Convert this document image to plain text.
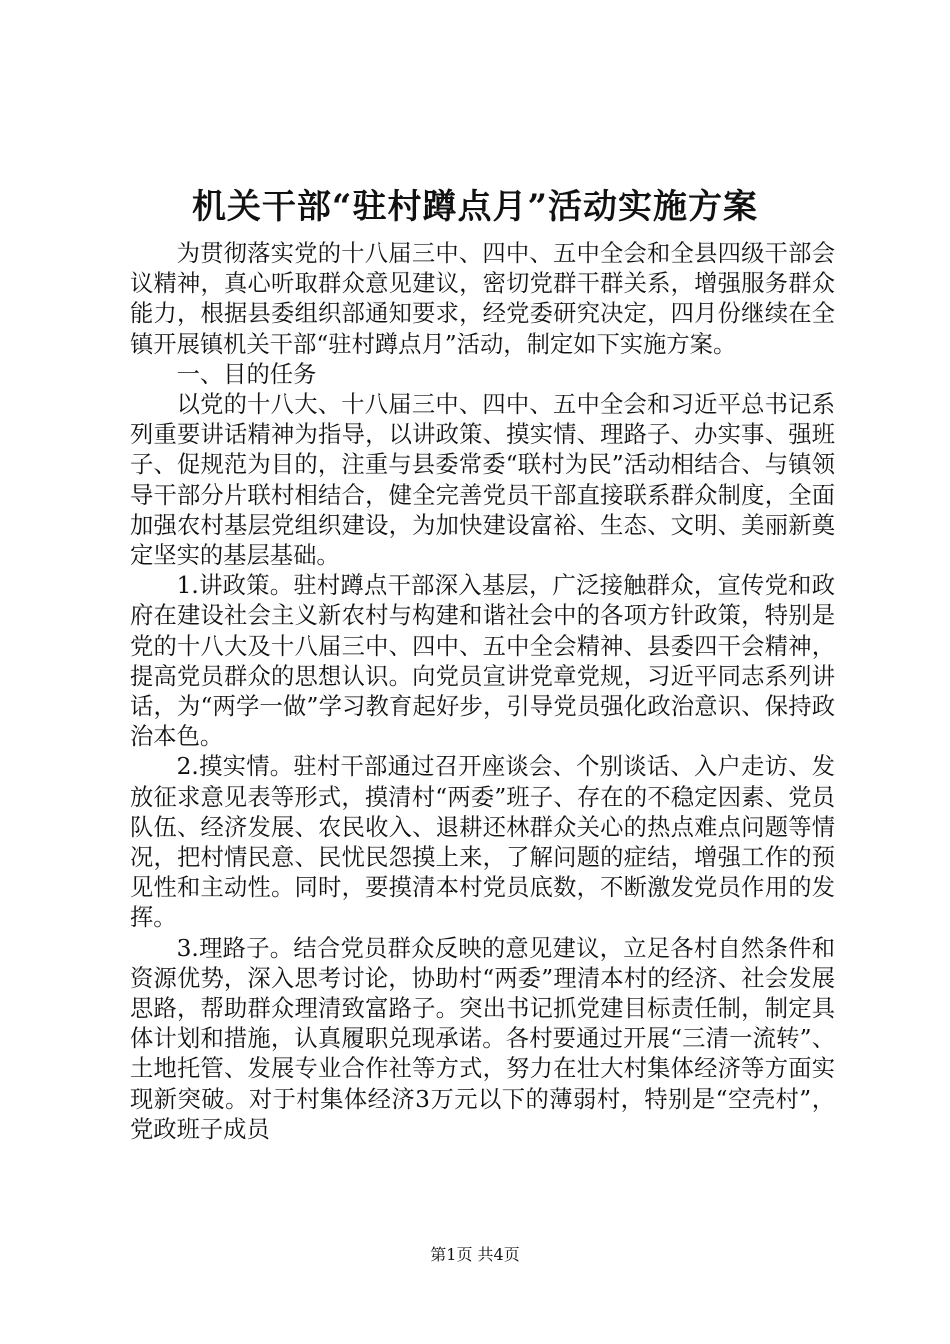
机关干部“驻村蹲点月”活动实施方案

为贯彻落实党的十八届三中、四中、五中全会和全县四级干部会议精神，真心听取群众意见建议，密切党群干群关系，增强服务群众能力，根据县委组织部通知要求，经党委研究决定，四月份继续在全镇开展镇机关干部“驻村蹲点月”活动，制定如下实施方案。

一、目的任务

以党的十八大、十八届三中、四中、五中全会和习近平总书记系列重要讲话精神为指导，以讲政策、摸实情、理路子、办实事、强班子、促规范为目的，注重与县委常委“联村为民”活动相结合、与镇领导干部分片联村相结合，健全完善党员干部直接联系群众制度，全面加强农村基层党组织建设，为加快建设富裕、生态、文明、美丽新奠定坚实的基层基础。

1.讲政策。驻村蹲点干部深入基层，广泛接触群众，宣传党和政府在建设社会主义新农村与构建和谐社会中的各项方针政策，特别是党的十八大及十八届三中、四中、五中全会精神、县委四干会精神，提高党员群众的思想认识。向党员宣讲党章党规，习近平同志系列讲话，为“两学一做”学习教育起好步，引导党员强化政治意识、保持政治本色。

2.摸实情。驻村干部通过召开座谈会、个别谈话、入户走访、发放征求意见表等形式，摸清村“两委”班子、存在的不稳定因素、党员队伍、经济发展、农民收入、退耕还林群众关心的热点难点问题等情况，把村情民意、民忧民怨摸上来，了解问题的症结，增强工作的预见性和主动性。同时，要摸清本村党员底数，不断激发党员作用的发挥。

3.理路子。结合党员群众反映的意见建议，立足各村自然条件和资源优势，深入思考讨论，协助村“两委”理清本村的经济、社会发展思路，帮助群众理清致富路子。突出书记抓党建目标责任制，制定具体计划和措施，认真履职兑现承诺。各村要通过开展“三清一流转”、土地托管、发展专业合作社等方式，努力在壮大村集体经济等方面实现新突破。对于村集体经济3万元以下的薄弱村，特别是“空壳村”，党政班子成员

第1页 共4页
